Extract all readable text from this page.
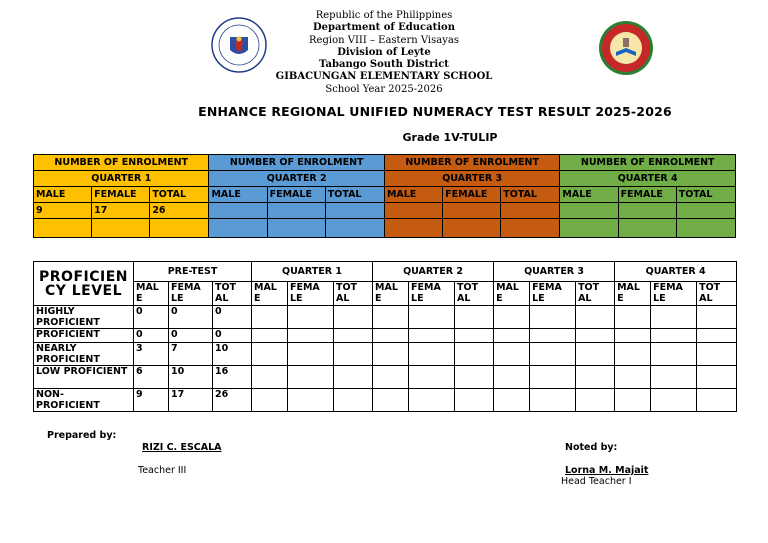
Republic of the Philippines
Department of Education
Region VIII – Eastern Visayas
Division of Leyte
Tabango South District
GIBACUNGAN ELEMENTARY SCHOOL
School Year 2025-2026
ENHANCE REGIONAL UNIFIED NUMERACY TEST RESULT 2025-2026
Grade 1V-TULIP
NUMBER OF ENROLMENT			NUMBER OF ENROLMENT			NUMBER OF ENROLMENT			NUMBER OF ENROLMENT		
QUARTER 1			QUARTER 2			QUARTER 3			QUARTER 4		
MALE	FEMALE	TOTAL	MALE	FEMALE	TOTAL	MALE	FEMALE	TOTAL	MALE	FEMALE	TOTAL
9	17	26									

PROFICIEN CY LEVEL	PRE-TEST			QUARTER 1			QUARTER 2			QUARTER 3			QUARTER 4		
	MAL E	FEMA LE	TOT AL	MAL E	FEMA LE	TOT AL	MAL E	FEMA LE	TOT AL	MAL E	FEMA LE	TOT AL	MAL E	FEMA LE	TOT AL
HIGHLY PROFICIENT	0	0	0												
PROFICIENT	0	0	0												
NEARLY PROFICIENT	3	7	10												
LOW PROFICIENT	6	10	16												
NON- PROFICIENT	9	17	26												
Prepared by:
RIZI C. ESCALA
Teacher III
Noted by:
Lorna M. Majait
Head Teacher I
